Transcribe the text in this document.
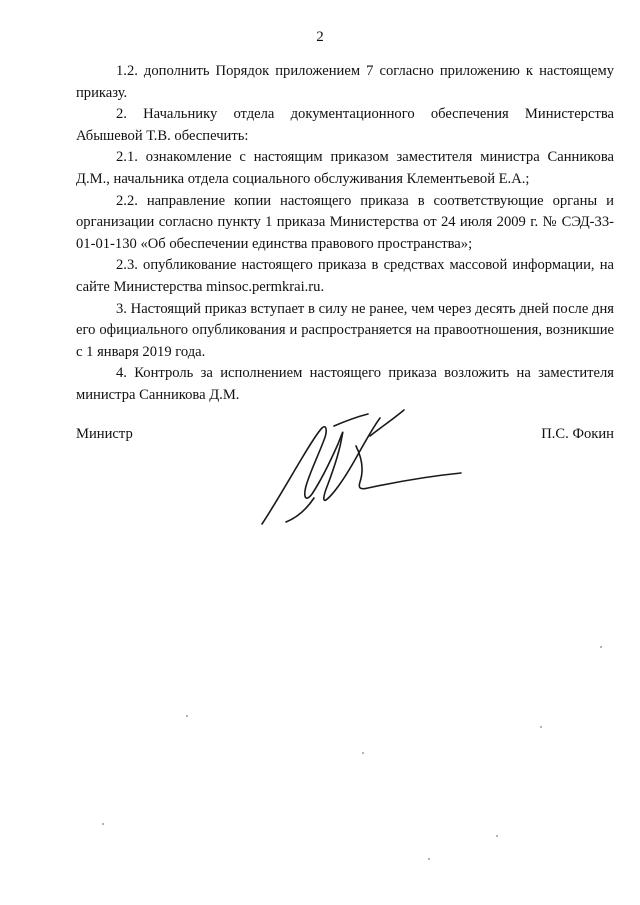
2

1.2. дополнить Порядок приложением 7 согласно приложению к настоящему приказу.

2. Начальнику отдела документационного обеспечения Министерства Абышевой Т.В. обеспечить:

2.1. ознакомление с настоящим приказом заместителя министра Санникова Д.М., начальника отдела социального обслуживания Клементьевой Е.А.;

2.2. направление копии настоящего приказа в соответствующие органы и организации согласно пункту 1 приказа Министерства от 24 июля 2009 г. № СЭД-33-01-01-130 «Об обеспечении единства правового пространства»;

2.3. опубликование настоящего приказа в средствах массовой информации, на сайте Министерства minsoc.permkrai.ru.

3. Настоящий приказ вступает в силу не ранее, чем через десять дней после дня его официального опубликования и распространяется на правоотношения, возникшие с 1 января 2019 года.

4. Контроль за исполнением настоящего приказа возложить на заместителя министра Санникова Д.М.

Министр	П.С. Фокин
